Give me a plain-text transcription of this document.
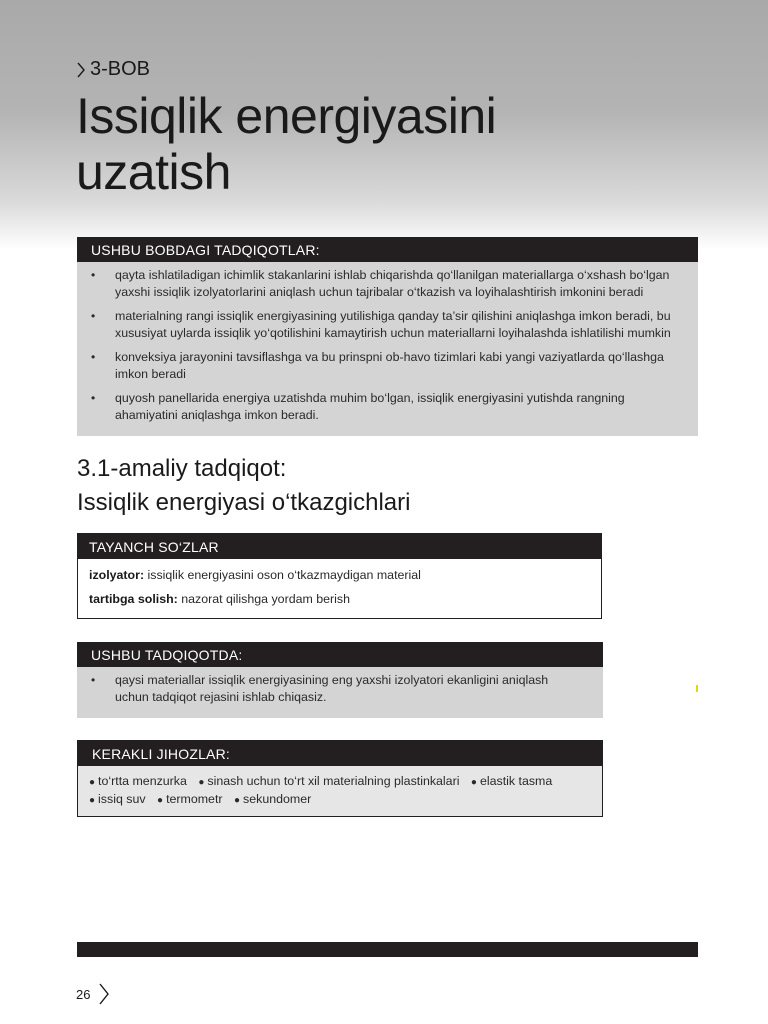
3-BOB
Issiqlik energiyasini
uzatish
USHBU BOBDAGI TADQIQOTLAR:
• qayta ishlatiladigan ichimlik stakanlarini ishlab chiqarishda qo‘llanilgan materiallarga o‘xshash bo‘lgan yaxshi issiqlik izolyatorlarini aniqlash uchun tajribalar o‘tkazish va loyihalashtirish imkonini beradi
• materialning rangi issiqlik energiyasining yutilishiga qanday ta’sir qilishini aniqlashga imkon beradi, bu xususiyat uylarda issiqlik yo‘qotilishini kamaytirish uchun materiallarni loyihalashda ishlatilishi mumkin
• konveksiya jarayonini tavsiflashga va bu prinspni ob-havo tizimlari kabi yangi vaziyatlarda qo‘llashga imkon beradi
• quyosh panellarida energiya uzatishda muhim bo‘lgan, issiqlik energiyasini yutishda rangning ahamiyatini aniqlashga imkon beradi.
3.1-amaliy tadqiqot:
Issiqlik energiyasi o‘tkazgichlari
TAYANCH SO‘ZLAR
izolyator: issiqlik energiyasini oson o‘tkazmaydigan material
tartibga solish: nazorat qilishga yordam berish
USHBU TADQIQOTDA:
• qaysi materiallar issiqlik energiyasining eng yaxshi izolyatori ekanligini aniqlash uchun tadqiqot rejasini ishlab chiqasiz.
KERAKLI JIHOZLAR:
● to‘rtta menzurka ● sinash uchun to‘rt xil materialning plastinkalari ● elastik tasma
● issiq suv ● termometr ● sekundomer
26
